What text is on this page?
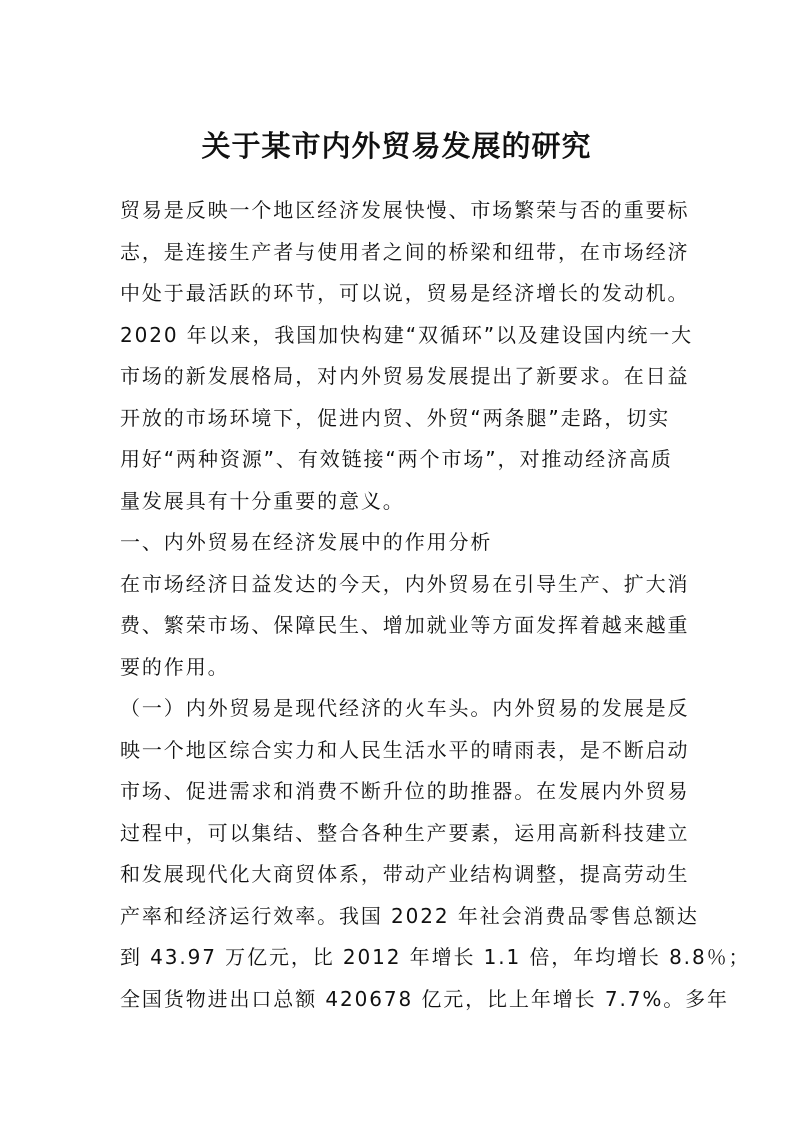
关于某市内外贸易发展的研究
贸易是反映一个地区经济发展快慢、市场繁荣与否的重要标
志，是连接生产者与使用者之间的桥梁和纽带，在市场经济
中处于最活跃的环节，可以说，贸易是经济增长的发动机。
2020 年以来，我国加快构建“双循环”以及建设国内统一大
市场的新发展格局，对内外贸易发展提出了新要求。在日益
开放的市场环境下，促进内贸、外贸“两条腿”走路，切实
用好“两种资源”、有效链接“两个市场”，对推动经济高质
量发展具有十分重要的意义。
一、内外贸易在经济发展中的作用分析
在市场经济日益发达的今天，内外贸易在引导生产、扩大消
费、繁荣市场、保障民生、增加就业等方面发挥着越来越重
要的作用。
（一）内外贸易是现代经济的火车头。内外贸易的发展是反
映一个地区综合实力和人民生活水平的晴雨表，是不断启动
市场、促进需求和消费不断升位的助推器。在发展内外贸易
过程中，可以集结、整合各种生产要素，运用高新科技建立
和发展现代化大商贸体系，带动产业结构调整，提高劳动生
产率和经济运行效率。我国 2022 年社会消费品零售总额达
到 43.97 万亿元，比 2012 年增长 1.1 倍，年均增长 8.8％；
全国货物进出口总额 420678 亿元，比上年增长 7.7%。多年
